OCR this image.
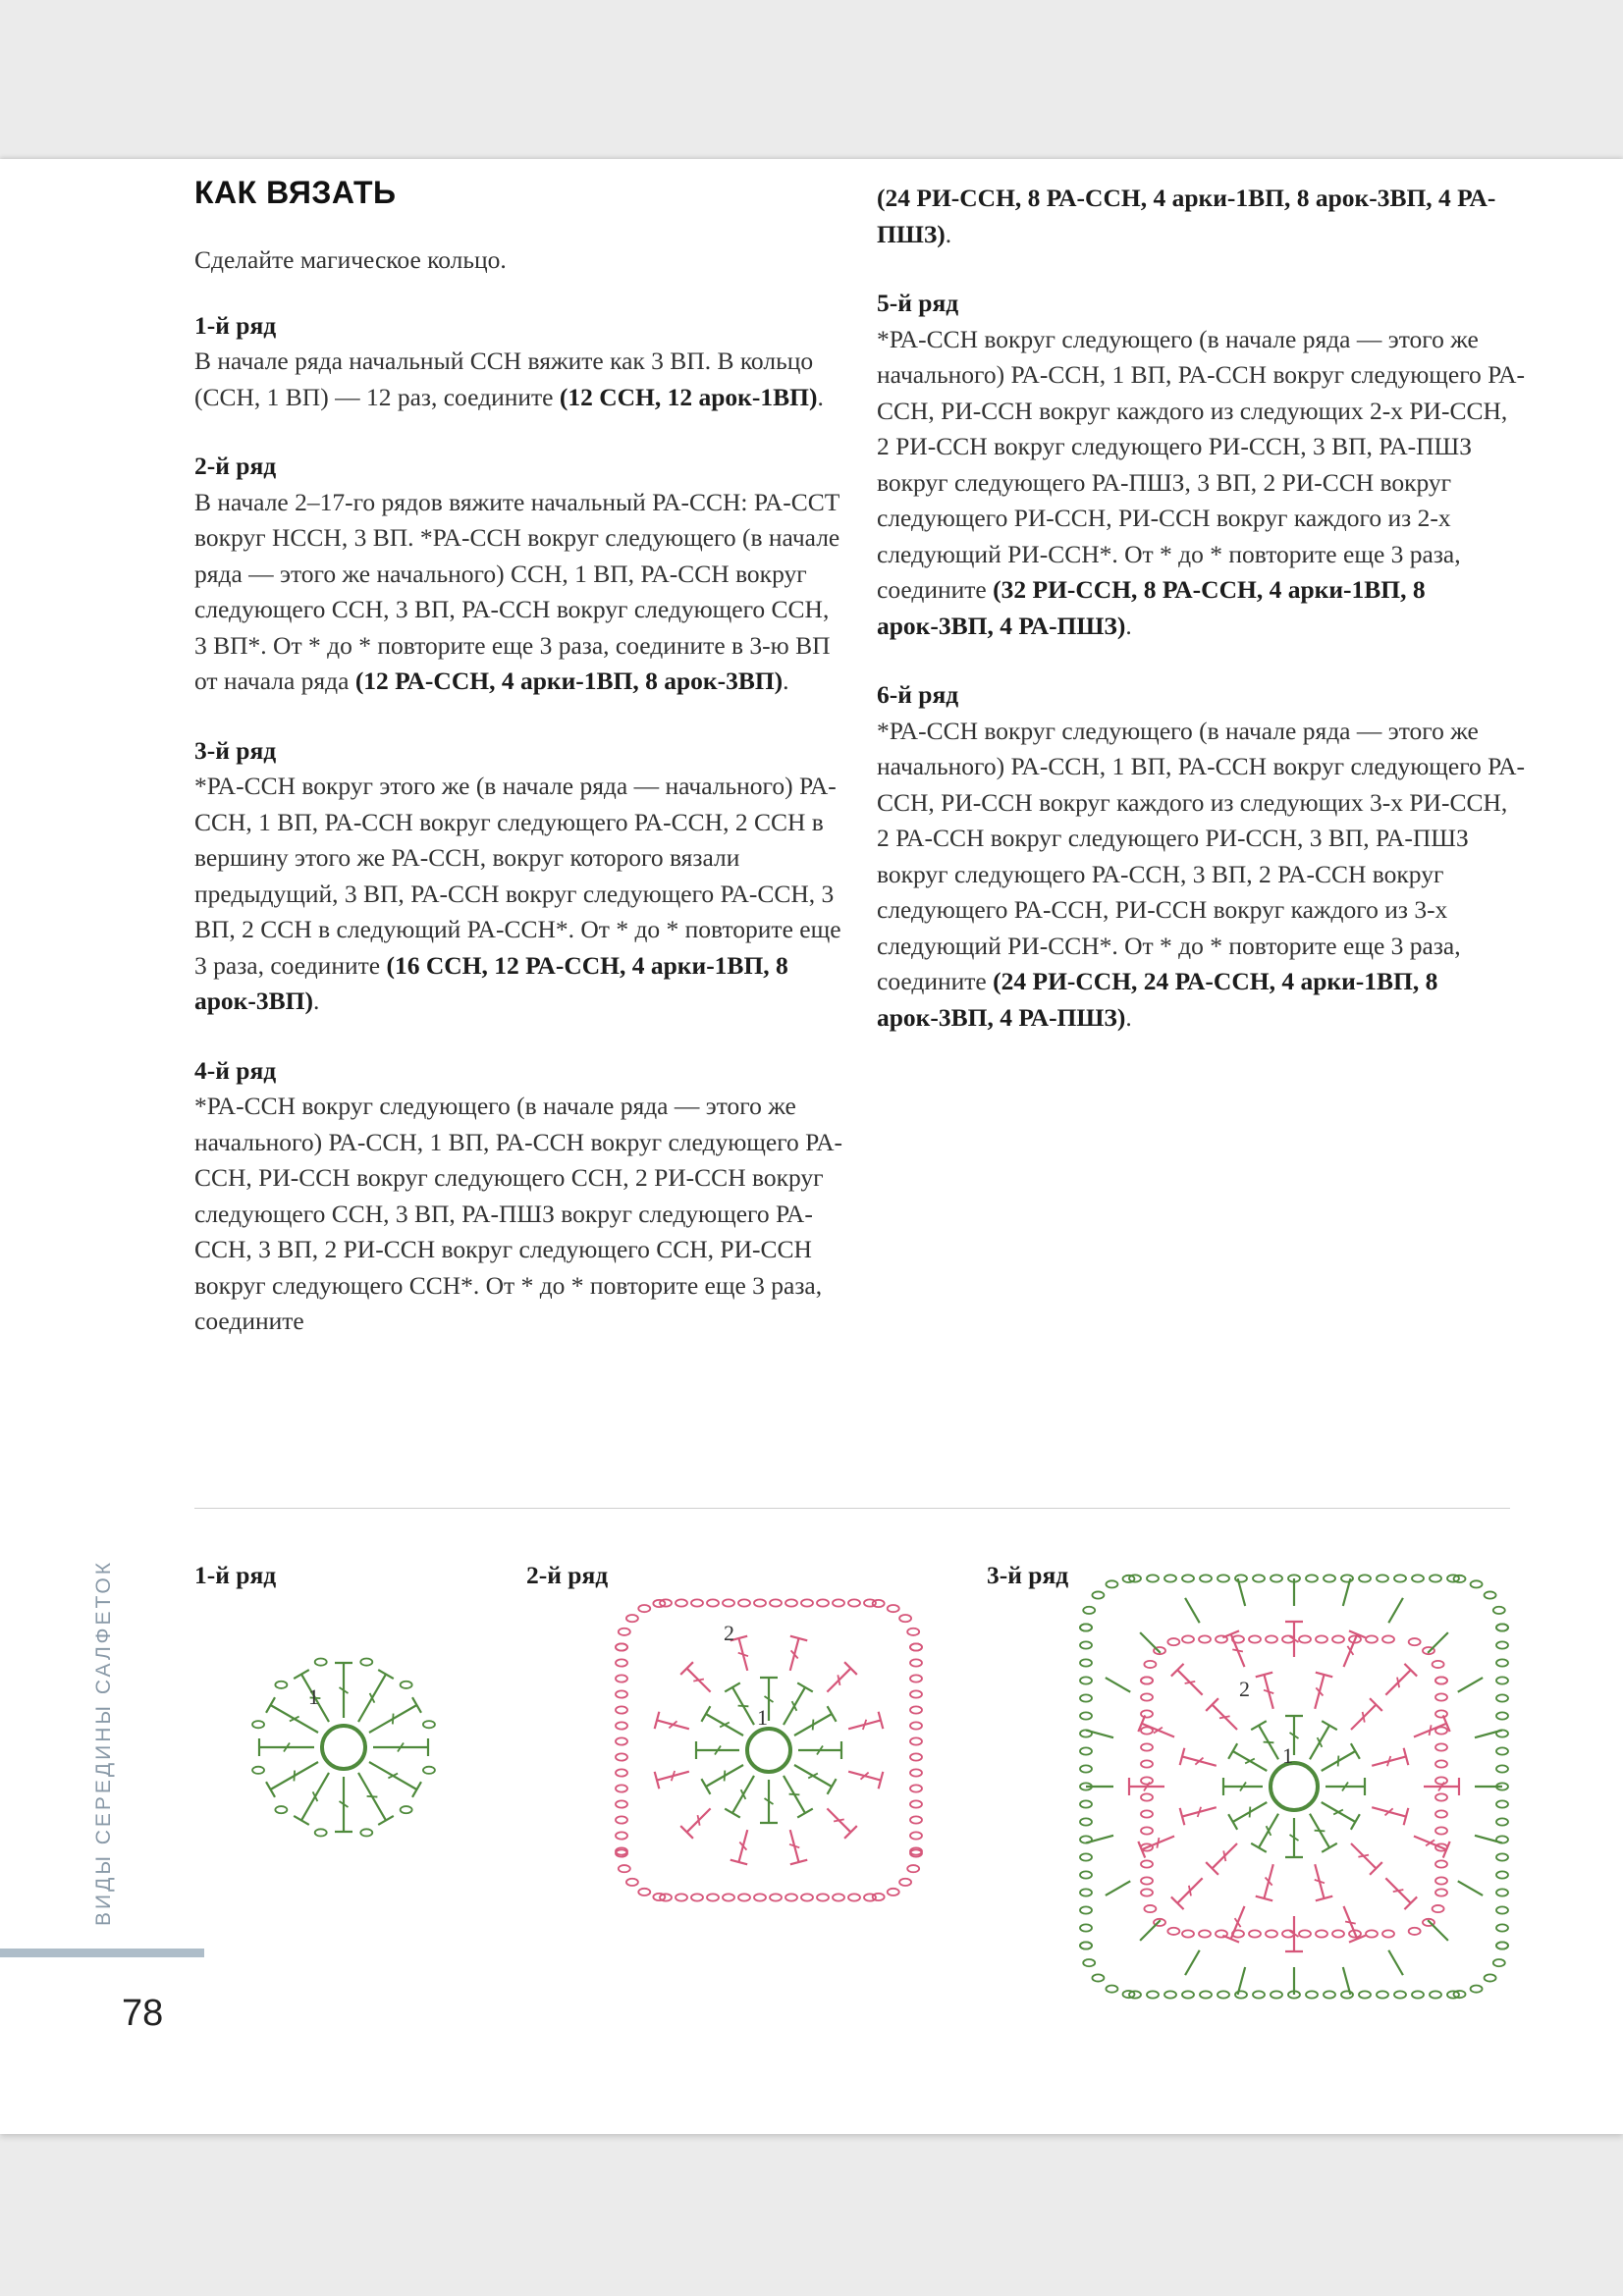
КАК ВЯЗАТЬ

Сделайте магическое кольцо.

1-й ряд
В начале ряда начальный ССН вяжите как 3 ВП. В кольцо (ССН, 1 ВП) — 12 раз, соедините (12 ССН, 12 арок-1ВП).

2-й ряд
В начале 2–17-го рядов вяжите начальный РА-ССН: РА-ССТ вокруг НССН, 3 ВП. *РА-ССН вокруг следующего (в начале ряда — этого же начального) ССН, 1 ВП, РА-ССН вокруг следующего ССН, 3 ВП, РА-ССН вокруг следующего ССН, 3 ВП*. От * до * повторите еще 3 раза, соедините в 3-ю ВП от начала ряда (12 РА-ССН, 4 арки-1ВП, 8 арок-3ВП).

3-й ряд
*РА-ССН вокруг этого же (в начале ряда — начального) РА-ССН, 1 ВП, РА-ССН вокруг следующего РА-ССН, 2 ССН в вершину этого же РА-ССН, вокруг которого вязали предыдущий, 3 ВП, РА-ССН вокруг следующего РА-ССН, 3 ВП, 2 ССН в следующий РА-ССН*. От * до * повторите еще 3 раза, соедините (16 ССН, 12 РА-ССН, 4 арки-1ВП, 8 арок-3ВП).

4-й ряд
*РА-ССН вокруг следующего (в начале ряда — этого же начального) РА-ССН, 1 ВП, РА-ССН вокруг следующего РА-ССН, РИ-ССН вокруг следующего ССН, 2 РИ-ССН вокруг следующего ССН, 3 ВП, РА-ПШЗ вокруг следующего РА-ССН, 3 ВП, 2 РИ-ССН вокруг следующего ССН, РИ-ССН вокруг следующего ССН*. От * до * повторите еще 3 раза, соедините

(24 РИ-ССН, 8 РА-ССН, 4 арки-1ВП, 8 арок-3ВП, 4 РА-ПШЗ).

5-й ряд
*РА-ССН вокруг следующего (в начале ряда — этого же начального) РА-ССН, 1 ВП, РА-ССН вокруг следующего РА-ССН, РИ-ССН вокруг каждого из следующих 2-х РИ-ССН, 2 РИ-ССН вокруг следующего РИ-ССН, 3 ВП, РА-ПШЗ вокруг следующего РА-ПШЗ, 3 ВП, 2 РИ-ССН вокруг следующего РИ-ССН, РИ-ССН вокруг каждого из 2-х следующий РИ-ССН*. От * до * повторите еще 3 раза, соедините (32 РИ-ССН, 8 РА-ССН, 4 арки-1ВП, 8 арок-3ВП, 4 РА-ПШЗ).

6-й ряд
*РА-ССН вокруг следующего (в начале ряда — этого же начального) РА-ССН, 1 ВП, РА-ССН вокруг следующего РА-ССН, РИ-ССН вокруг каждого из следующих 3-х РИ-ССН, 2 РА-ССН вокруг следующего РИ-ССН, 3 ВП, РА-ПШЗ вокруг следующего РА-ССН, 3 ВП, 2 РА-ССН вокруг следующего РА-ССН, РИ-ССН вокруг каждого из 3-х следующий РИ-ССН*. От * до * повторите еще 3 раза, соедините (24 РИ-ССН, 24 РА-ССН, 4 арки-1ВП, 8 арок-3ВП, 4 РА-ПШЗ).

ВИДЫ СЕРЕДИНЫ САЛФЕТОК
78
1-й ряд	2-й ряд	3-й ряд
1
1
2
1
2
